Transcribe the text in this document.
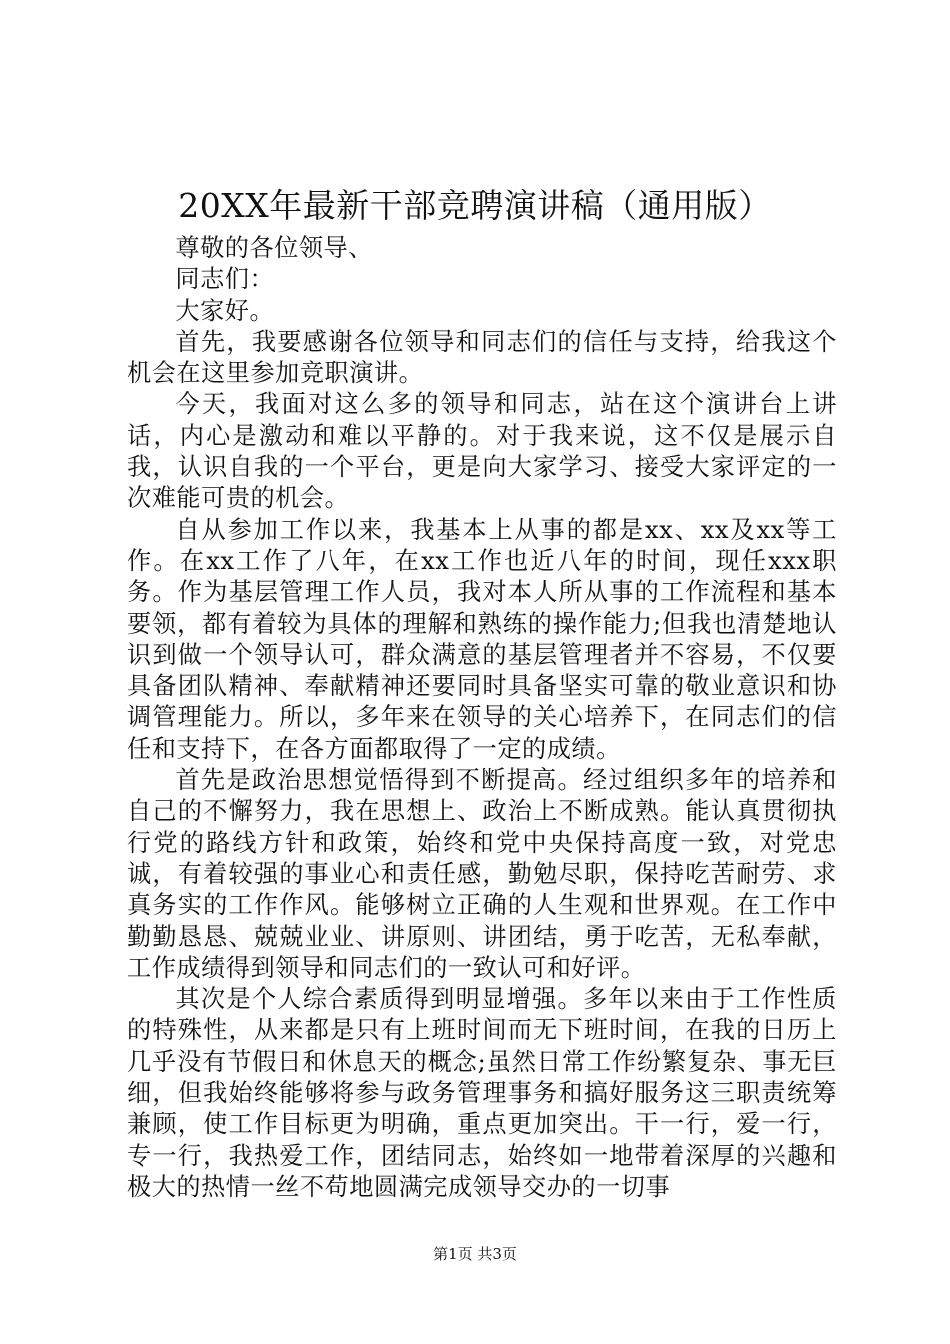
20XX年最新干部竞聘演讲稿（通用版）

尊敬的各位领导、

同志们：

大家好。

首先，我要感谢各位领导和同志们的信任与支持，给我这个机会在这里参加竞职演讲。

今天，我面对这么多的领导和同志，站在这个演讲台上讲话，内心是激动和难以平静的。对于我来说，这不仅是展示自我，认识自我的一个平台，更是向大家学习、接受大家评定的一次难能可贵的机会。

自从参加工作以来，我基本上从事的都是xx、xx及xx等工作。在xx工作了八年，在xx工作也近八年的时间，现任xxx职务。作为基层管理工作人员，我对本人所从事的工作流程和基本要领，都有着较为具体的理解和熟练的操作能力;但我也清楚地认识到做一个领导认可，群众满意的基层管理者并不容易，不仅要具备团队精神、奉献精神还要同时具备坚实可靠的敬业意识和协调管理能力。所以，多年来在领导的关心培养下，在同志们的信任和支持下，在各方面都取得了一定的成绩。

首先是政治思想觉悟得到不断提高。经过组织多年的培养和自己的不懈努力，我在思想上、政治上不断成熟。能认真贯彻执行党的路线方针和政策，始终和党中央保持高度一致，对党忠诚，有着较强的事业心和责任感，勤勉尽职，保持吃苦耐劳、求真务实的工作作风。能够树立正确的人生观和世界观。在工作中勤勤恳恳、兢兢业业、讲原则、讲团结，勇于吃苦，无私奉献，工作成绩得到领导和同志们的一致认可和好评。

其次是个人综合素质得到明显增强。多年以来由于工作性质的特殊性，从来都是只有上班时间而无下班时间，在我的日历上几乎没有节假日和休息天的概念;虽然日常工作纷繁复杂、事无巨细，但我始终能够将参与政务管理事务和搞好服务这三职责统筹兼顾，使工作目标更为明确，重点更加突出。干一行，爱一行，专一行，我热爱工作，团结同志，始终如一地带着深厚的兴趣和极大的热情一丝不苟地圆满完成领导交办的一切事

第1页 共3页
